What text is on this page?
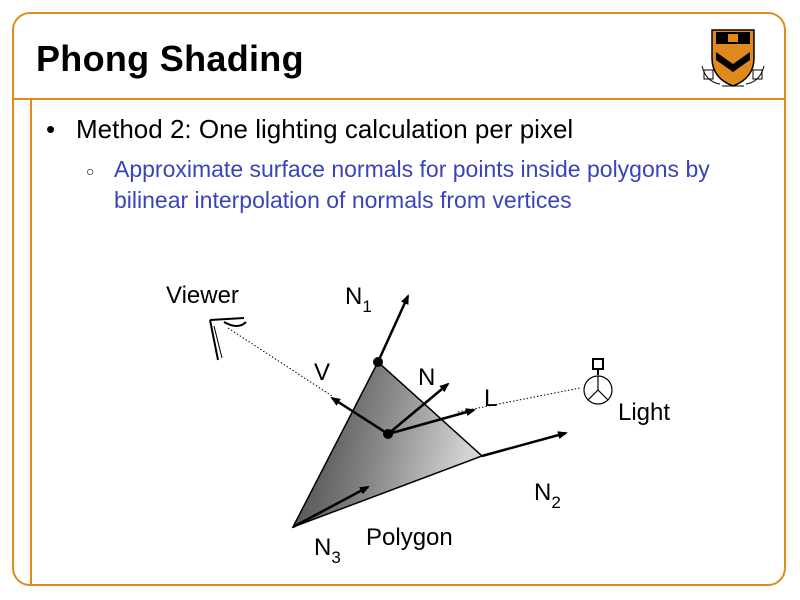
Phong Shading
• Method 2: One lighting calculation per pixel
○ Approximate surface normals for points inside polygons by bilinear interpolation of normals from vertices
Viewer
Light
Polygon
V	N
L
$N_1$
$N_2$
$N_3$
